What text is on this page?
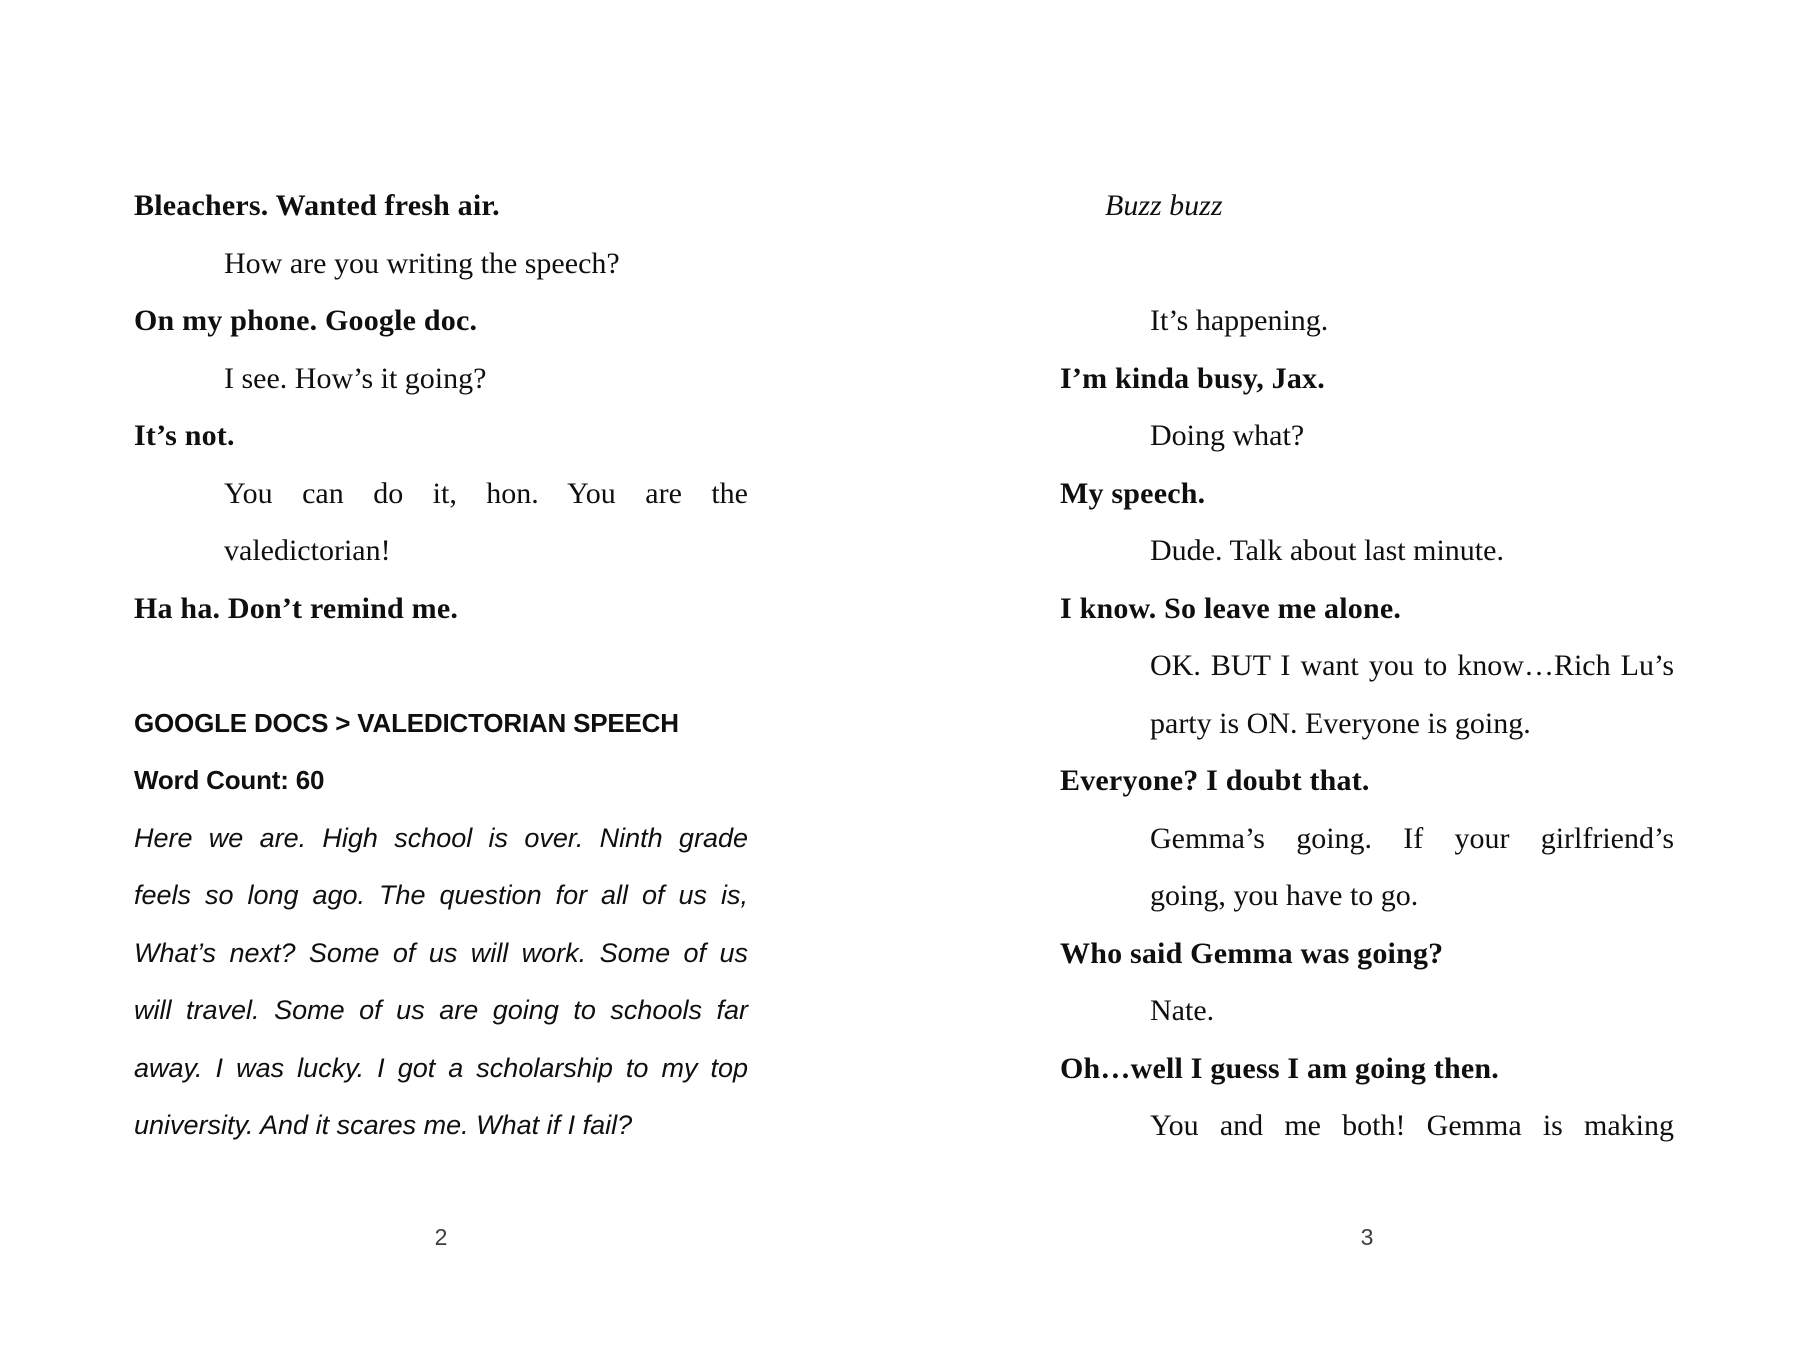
Bleachers. Wanted fresh air.
How are you writing the speech?
On my phone. Google doc.
I see. How’s it going?
It’s not.
You can do it, hon. You are the
valedictorian!
Ha ha. Don’t remind me.
GOOGLE DOCS > VALEDICTORIAN SPEECH
Word Count: 60
Here we are. High school is over. Ninth grade
feels so long ago. The question for all of us is,
What’s next? Some of us will work. Some of us
will travel. Some of us are going to schools far
away. I was lucky. I got a scholarship to my top
university. And it scares me. What if I fail?
2
Buzz buzz
It’s happening.
I’m kinda busy, Jax.
Doing what?
My speech.
Dude. Talk about last minute.
I know. So leave me alone.
OK. BUT I want you to know…Rich Lu’s
party is ON. Everyone is going.
Everyone? I doubt that.
Gemma’s going. If your girlfriend’s
going, you have to go.
Who said Gemma was going?
Nate.
Oh…well I guess I am going then.
You and me both! Gemma is making
3
